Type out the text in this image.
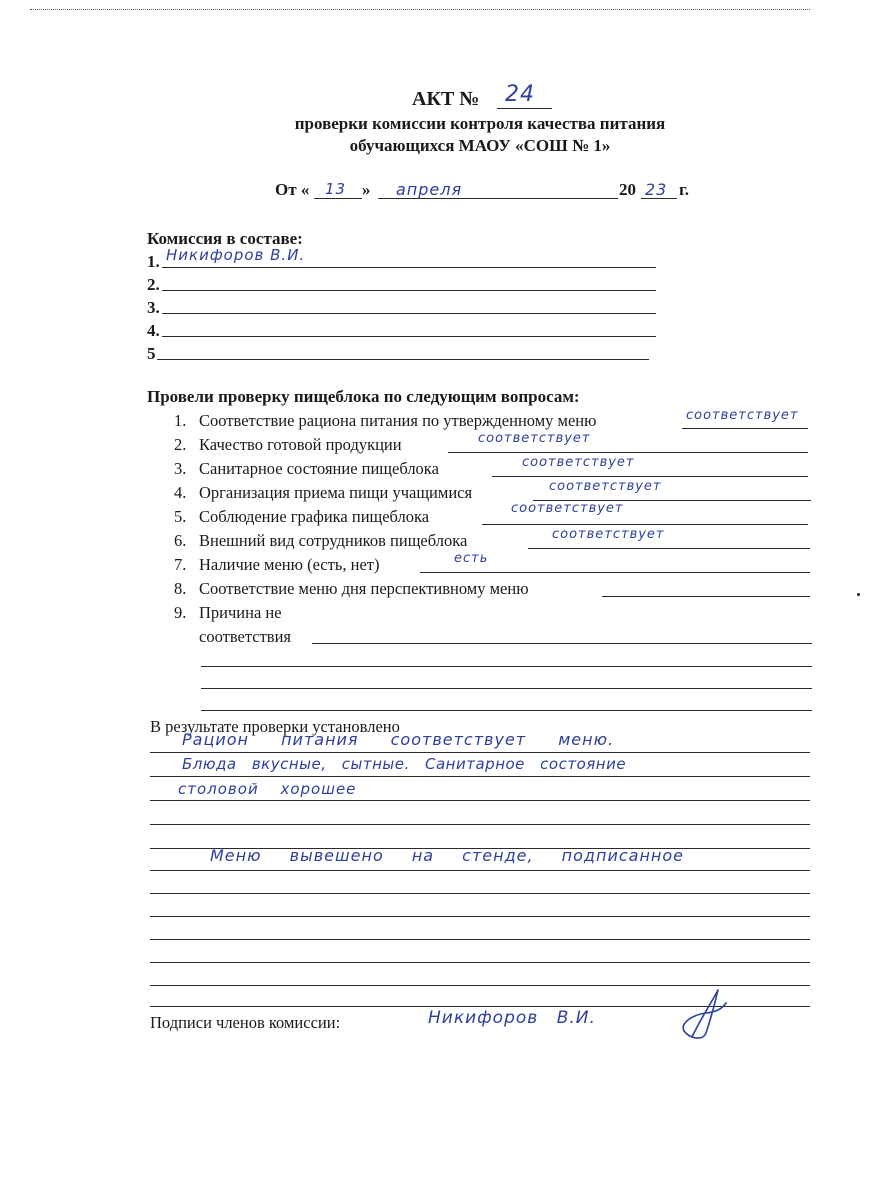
АКТ № 24
проверки комиссии контроля качества питания
обучающихся МАОУ «СОШ № 1»
От « 13 » апреля	20 23 г.
Комиссия в составе:
1. Никифоров В.И.
2.
3.
4.
5
Провели проверку пищеблока по следующим вопросам:
1. Соответствие рациона питания по утвержденному меню	соответствует
2. Качество готовой продукции	соответствует
3. Санитарное состояние пищеблока	соответствует
4. Организация приема пищи учащимися	соответствует
5. Соблюдение графика пищеблока	соответствует
6. Внешний вид сотрудников пищеблока	соответствует
7. Наличие меню (есть, нет)	есть
8. Соответствие меню дня перспективному меню
9. Причина не
соответствия
В результате проверки установлено
Рацион питания соответствует меню.
Блюда вкусные, сытные. Санитарное состояние
столовой хорошее
Меню вывешено на стенде, подписанное
Подписи членов комиссии:	Никифоров В.И.
